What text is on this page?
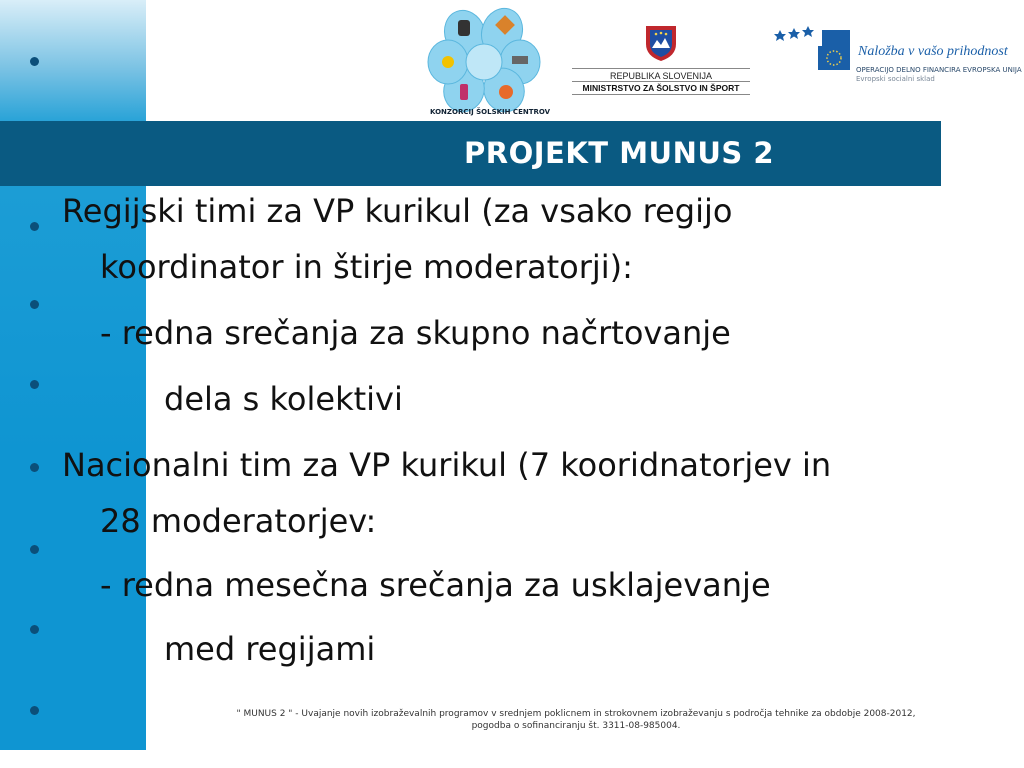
KONZORCIJ ŠOLSKIH CENTROV
REPUBLIKA SLOVENIJA
MINISTRSTVO ZA ŠOLSTVO IN ŠPORT
Naložba v vašo prihodnost
OPERACIJO DELNO FINANCIRA EVROPSKA UNIJA
Evropski socialni sklad
PROJEKT MUNUS 2
Regijski timi za VP kurikul (za vsako regijo
koordinator in štirje moderatorji):
- redna srečanja za skupno načrtovanje
dela s kolektivi
Nacionalni tim za VP kurikul (7 kooridnatorjev in
28 moderatorjev:
- redna mesečna srečanja za usklajevanje
med regijami
" MUNUS 2 " - Uvajanje novih izobraževalnih programov v srednjem poklicnem in strokovnem izobraževanju s področja tehnike za obdobje 2008-2012,
pogodba o sofinanciranju št. 3311-08-985004.
